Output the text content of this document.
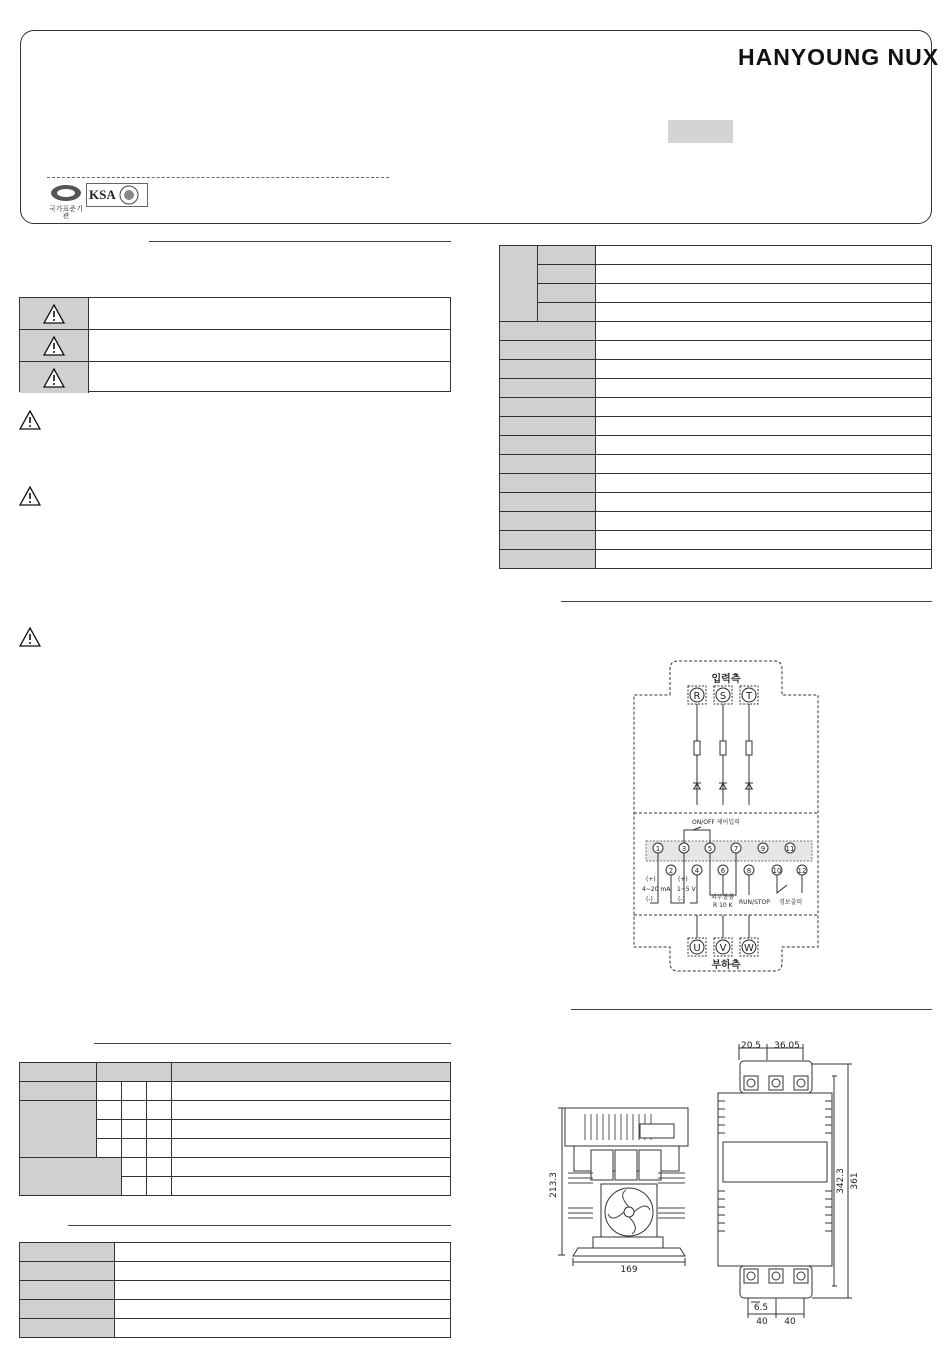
HANYOUNG NUX
국가표준기관
KSA

입력측
부하측
R S T
ON/OFF 제어입력
1	3	5	7	9	11
2	4	6	8	10 12
(+)
4~20 mA
(-)
(+)
1~5 V
(-)	외부볼륨
R 10 K RUN/STOP 경보출력
U V W
213.3
169
20.5 36.05
342.3 361
6.5
40 40
